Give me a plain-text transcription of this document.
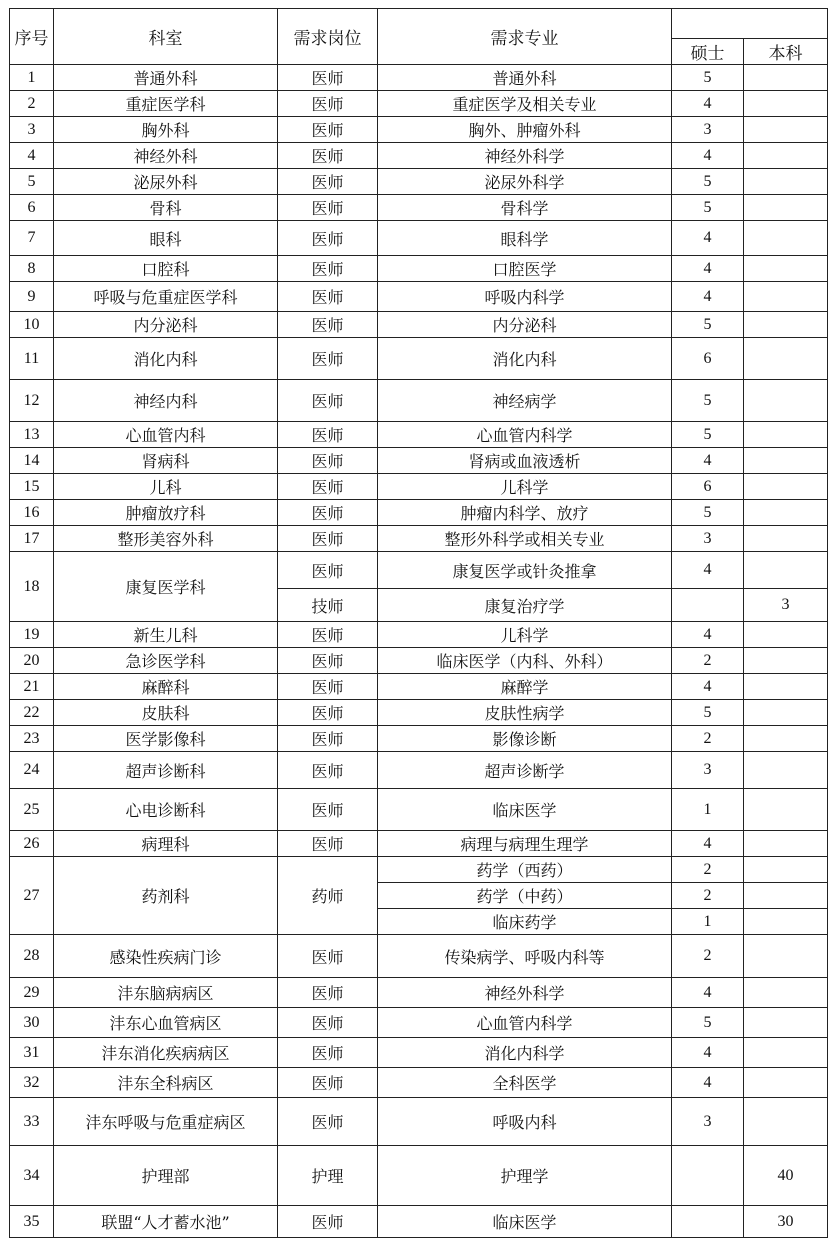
序号	科室	需求岗位	需求专业		
				硕士	本科
1	普通外科	医师	普通外科	5	
2	重症医学科	医师	重症医学及相关专业	4	
3	胸外科	医师	胸外、肿瘤外科	3	
4	神经外科	医师	神经外科学	4	
5	泌尿外科	医师	泌尿外科学	5	
6	骨科	医师	骨科学	5	
7	眼科	医师	眼科学	4	
8	口腔科	医师	口腔医学	4	
9	呼吸与危重症医学科	医师	呼吸内科学	4	
10	内分泌科	医师	内分泌科	5	
11	消化内科	医师	消化内科	6	
12	神经内科	医师	神经病学	5	
13	心血管内科	医师	心血管内科学	5	
14	肾病科	医师	肾病或血液透析	4	
15	儿科	医师	儿科学	6	
16	肿瘤放疗科	医师	肿瘤内科学、放疗	5	
17	整形美容外科	医师	整形外科学或相关专业	3	
18	康复医学科	医师	康复医学或针灸推拿	4	
		技师	康复治疗学		3
19	新生儿科	医师	儿科学	4	
20	急诊医学科	医师	临床医学（内科、外科）	2	
21	麻醉科	医师	麻醉学	4	
22	皮肤科	医师	皮肤性病学	5	
23	医学影像科	医师	影像诊断	2	
24	超声诊断科	医师	超声诊断学	3	
25	心电诊断科	医师	临床医学	1	
26	病理科	医师	病理与病理生理学	4	
27	药剂科	药师	药学（西药）	2	
			药学（中药）	2	
			临床药学	1	
28	感染性疾病门诊	医师	传染病学、呼吸内科等	2	
29	沣东脑病病区	医师	神经外科学	4	
30	沣东心血管病区	医师	心血管内科学	5	
31	沣东消化疾病病区	医师	消化内科学	4	
32	沣东全科病区	医师	全科医学	4	
33	沣东呼吸与危重症病区	医师	呼吸内科	3	
34	护理部	护理	护理学		40
35	联盟“人才蓄水池”	医师	临床医学		30
